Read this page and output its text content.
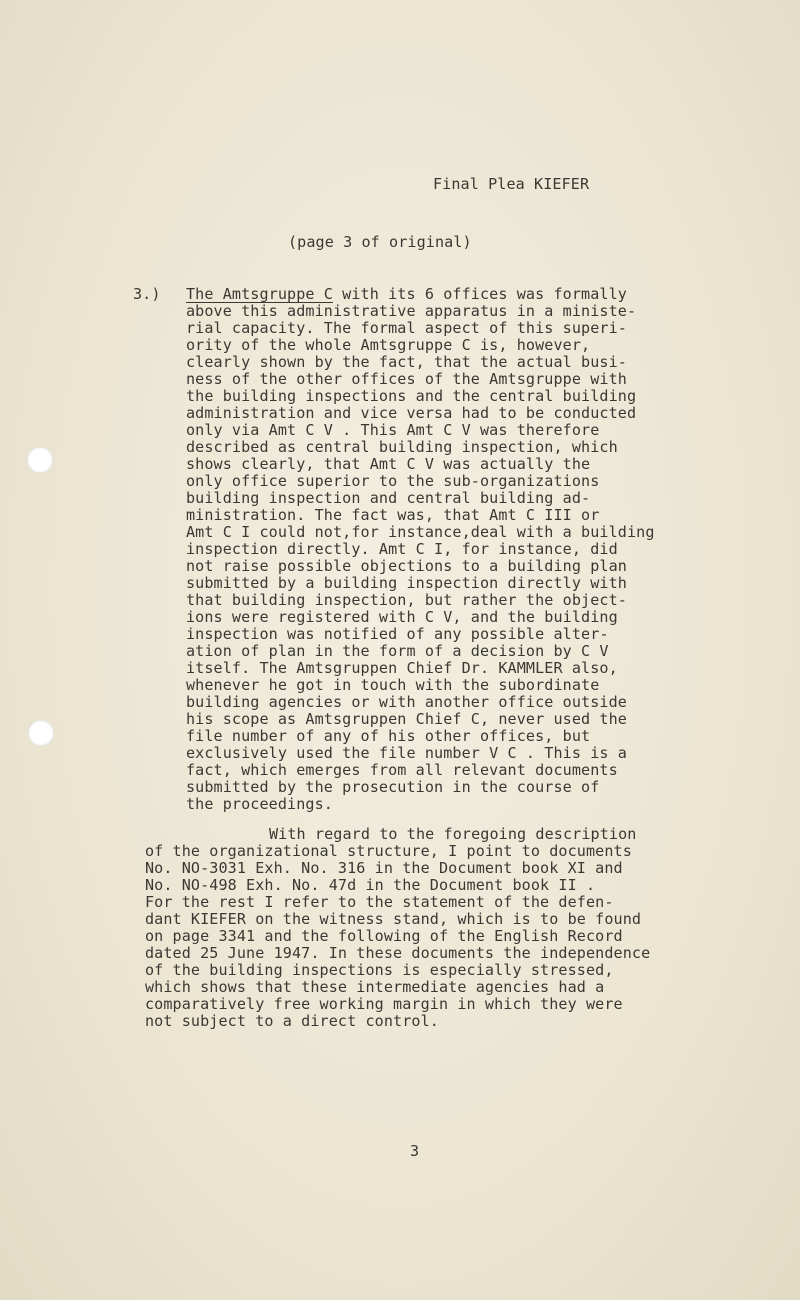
Final Plea KIEFER
(page 3 of original)
3.) The Amtsgruppe C with its 6 offices was formally
above this administrative apparatus in a ministe-
rial capacity. The formal aspect of this superi-
ority of the whole Amtsgruppe C is, however,
clearly shown by the fact, that the actual busi-
ness of the other offices of the Amtsgruppe with
the building inspections and the central building
administration and vice versa had to be conducted
only via Amt C V . This Amt C V was therefore
described as central building inspection, which
shows clearly, that Amt C V was actually the
only office superior to the sub-organizations
building inspection and central building ad-
ministration. The fact was, that Amt C III or
Amt C I could not,for instance,deal with a building
inspection directly. Amt C I, for instance, did
not raise possible objections to a building plan
submitted by a building inspection directly with
that building inspection, but rather the object-
ions were registered with C V, and the building
inspection was notified of any possible alter-
ation of plan in the form of a decision by C V
itself. The Amtsgruppen Chief Dr. KAMMLER also,
whenever he got in touch with the subordinate
building agencies or with another office outside
his scope as Amtsgruppen Chief C, never used the
file number of any of his other offices, but
exclusively used the file number V C . This is a
fact, which emerges from all relevant documents
submitted by the prosecution in the course of
the proceedings.
With regard to the foregoing description
of the organizational structure, I point to documents
No. NO-3031 Exh. No. 316 in the Document book XI and
No. NO-498 Exh. No. 47d in the Document book II .
For the rest I refer to the statement of the defen-
dant KIEFER on the witness stand, which is to be found
on page 3341 and the following of the English Record
dated 25 June 1947. In these documents the independence
of the building inspections is especially stressed,
which shows that these intermediate agencies had a
comparatively free working margin in which they were
not subject to a direct control.
3
